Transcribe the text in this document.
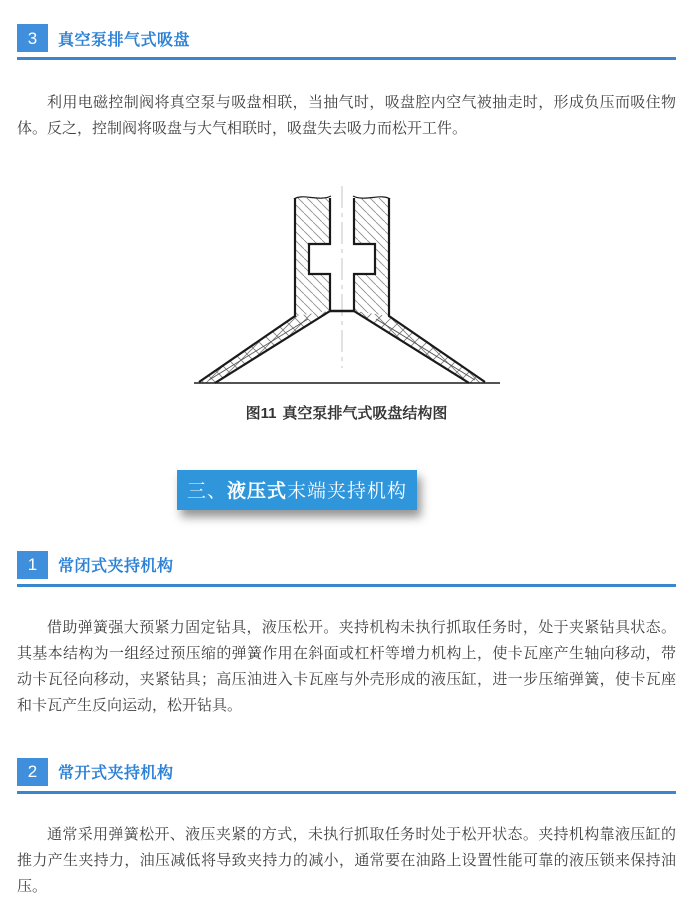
3	真空泵排气式吸盘

利用电磁控制阀将真空泵与吸盘相联，当抽气时，吸盘腔内空气被抽走时，形成负压而吸住物体。反之，控制阀将吸盘与大气相联时，吸盘失去吸力而松开工件。

图11 真空泵排气式吸盘结构图
三、 液压式 末端夹持机构
1	常闭式夹持机构

借助弹簧强大预紧力固定钻具，液压松开。夹持机构未执行抓取任务时，处于夹紧钻具状态。其基本结构为一组经过预压缩的弹簧作用在斜面或杠杆等增力机构上，使卡瓦座产生轴向移动，带动卡瓦径向移动，夹紧钻具；高压油进入卡瓦座与外壳形成的液压缸，进一步压缩弹簧，使卡瓦座和卡瓦产生反向运动，松开钻具。

2	常开式夹持机构

通常采用弹簧松开、液压夹紧的方式，未执行抓取任务时处于松开状态。夹持机构靠液压缸的推力产生夹持力，油压减低将导致夹持力的减小，通常要在油路上设置性能可靠的液压锁来保持油压。
